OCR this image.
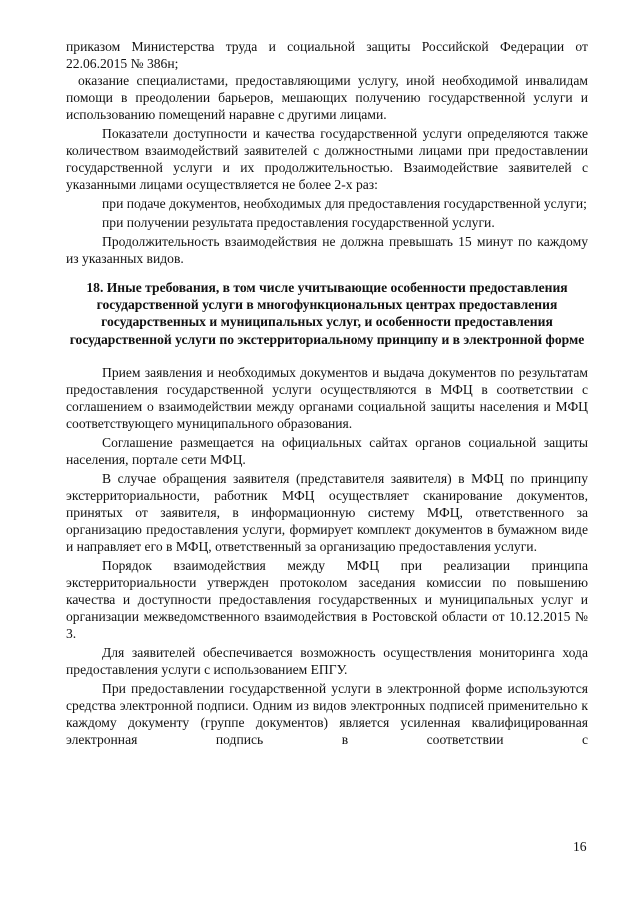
приказом Министерства труда и социальной защиты Российской Федерации от 22.06.2015 № 386н;

оказание специалистами, предоставляющими услугу, иной необходимой инвалидам помощи в преодолении барьеров, мешающих получению государственной услуги и использованию помещений наравне с другими лицами.

Показатели доступности и качества государственной услуги определяются также количеством взаимодействий заявителей с должностными лицами при предоставлении государственной услуги и их продолжительностью. Взаимодействие заявителей с указанными лицами осуществляется не более 2-х раз:

при подаче документов, необходимых для предоставления государственной услуги;

при получении результата предоставления государственной услуги.

Продолжительность взаимодействия не должна превышать 15 минут по каждому из указанных видов.

18. Иные требования, в том числе учитывающие особенности предоставления государственной услуги в многофункциональных центрах предоставления государственных и муниципальных услуг, и особенности предоставления государственной услуги по экстерриториальному принципу и в электронной форме

Прием заявления и необходимых документов и выдача документов по результатам предоставления государственной услуги осуществляются в МФЦ в соответствии с соглашением о взаимодействии между органами социальной защиты населения и МФЦ соответствующего муниципального образования.

Соглашение размещается на официальных сайтах органов социальной защиты населения, портале сети МФЦ.

В случае обращения заявителя (представителя заявителя) в МФЦ по принципу экстерриториальности, работник МФЦ осуществляет сканирование документов, принятых от заявителя, в информационную систему МФЦ, ответственного за организацию предоставления услуги, формирует комплект документов в бумажном виде и направляет его в МФЦ, ответственный за организацию предоставления услуги.

Порядок взаимодействия между МФЦ при реализации принципа экстерриториальности утвержден протоколом заседания комиссии по повышению качества и доступности предоставления государственных и муниципальных услуг и организации межведомственного взаимодействия в Ростовской области от 10.12.2015 № 3.

Для заявителей обеспечивается возможность осуществления мониторинга хода предоставления услуги с использованием ЕПГУ.

При предоставлении государственной услуги в электронной форме используются средства электронной подписи. Одним из видов электронных подписей применительно к каждому документу (группе документов) является усиленная квалифицированная электронная подпись в соответствии с

16
